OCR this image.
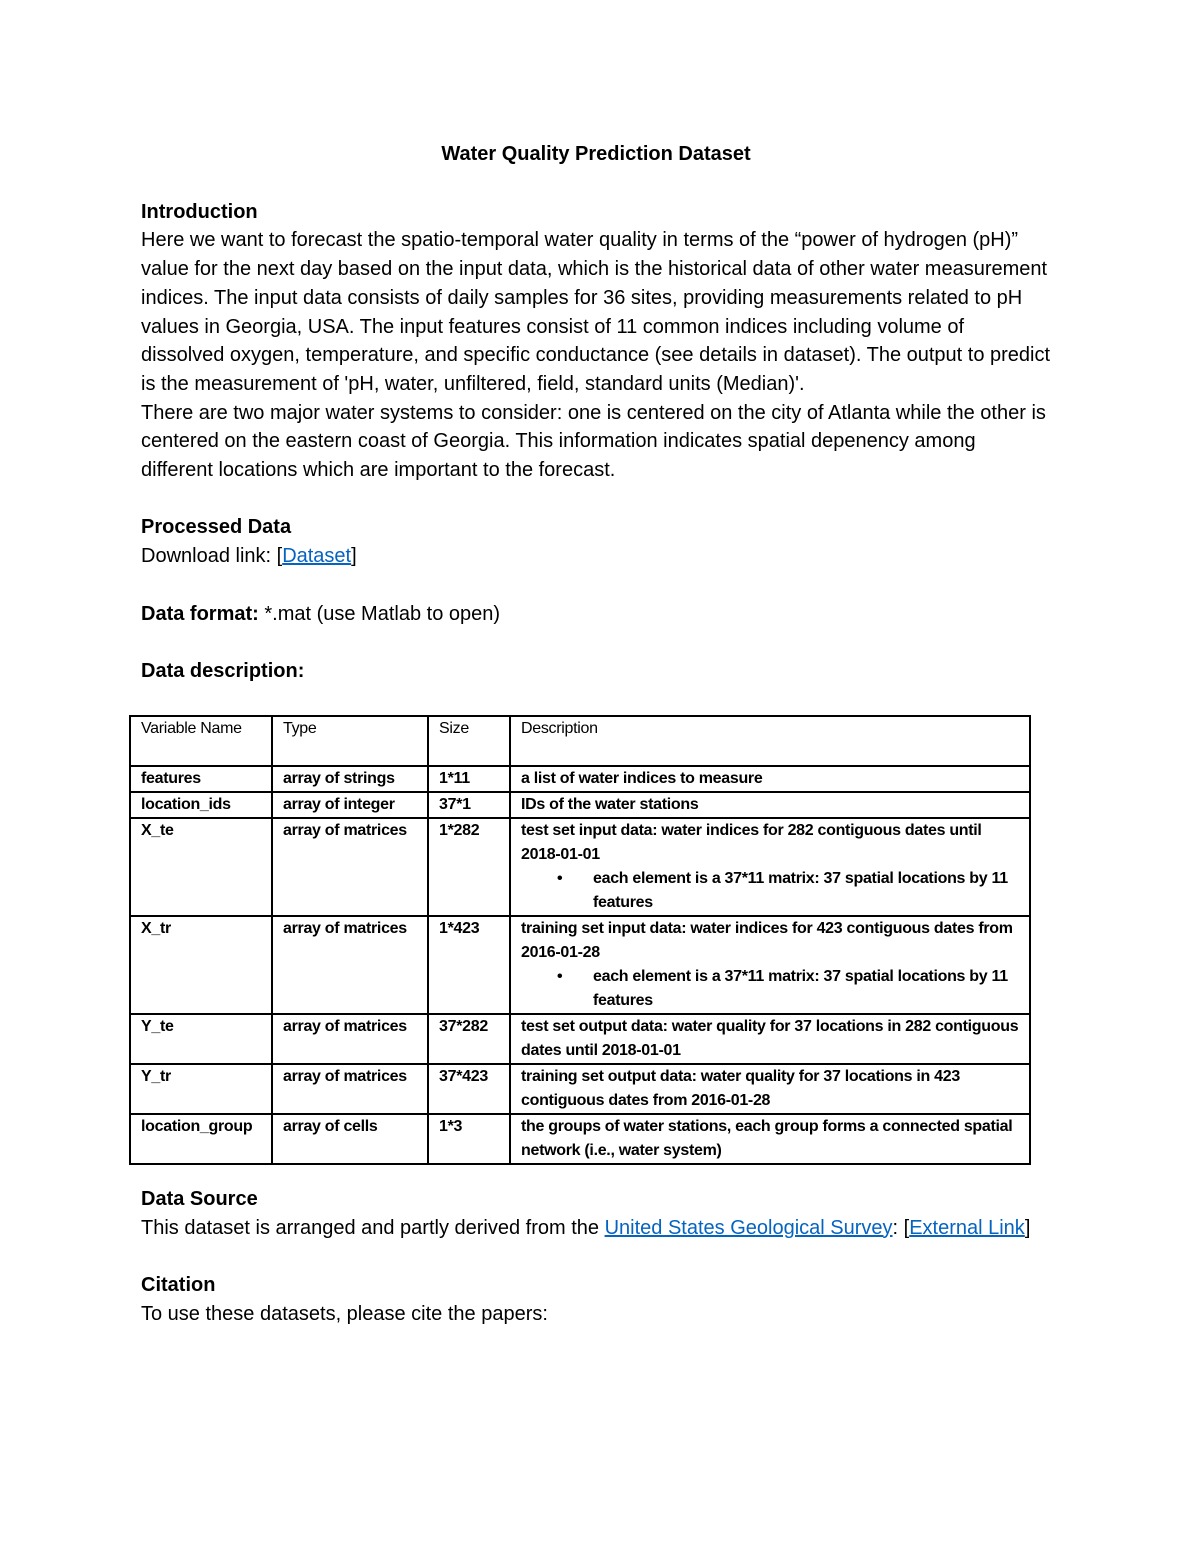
Water Quality Prediction Dataset

Introduction

Here we want to forecast the spatio-temporal water quality in terms of the “power of hydrogen (pH)” value for the next day based on the input data, which is the historical data of other water measurement indices. The input data consists of daily samples for 36 sites, providing measurements related to pH values in Georgia, USA. The input features consist of 11 common indices including volume of dissolved oxygen, temperature, and specific conductance (see details in dataset). The output to predict is the measurement of 'pH, water, unfiltered, field, standard units (Median)'.

There are two major water systems to consider: one is centered on the city of Atlanta while the other is centered on the eastern coast of Georgia. This information indicates spatial depenency among different locations which are important to the forecast.

Processed Data

Download link: [Dataset]

Data format: *.mat (use Matlab to open)

Data description:

Variable Name	Type	Size	Description
features	array of strings	1*11	a list of water indices to measure

location_ids	array of integer	37*1	IDs of the water stations

X_te	array of matrices	1*282	test set input data: water indices for 282 contiguous dates until 2018-01-01
• each element is a 37*11 matrix: 37 spatial locations by 11 features

X_tr	array of matrices	1*423	training set input data: water indices for 423 contiguous dates from 2016-01-28
• each element is a 37*11 matrix: 37 spatial locations by 11 features

Y_te	array of matrices	37*282	test set output data: water quality for 37 locations in 282 contiguous dates until 2018-01-01

Y_tr	array of matrices	37*423	training set output data: water quality for 37 locations in 423 contiguous dates from 2016-01-28

location_group	array of cells	1*3	the groups of water stations, each group forms a connected spatial network (i.e., water system)

Data Source

This dataset is arranged and partly derived from the United States Geological Survey: [External Link]

Citation

To use these datasets, please cite the papers:
